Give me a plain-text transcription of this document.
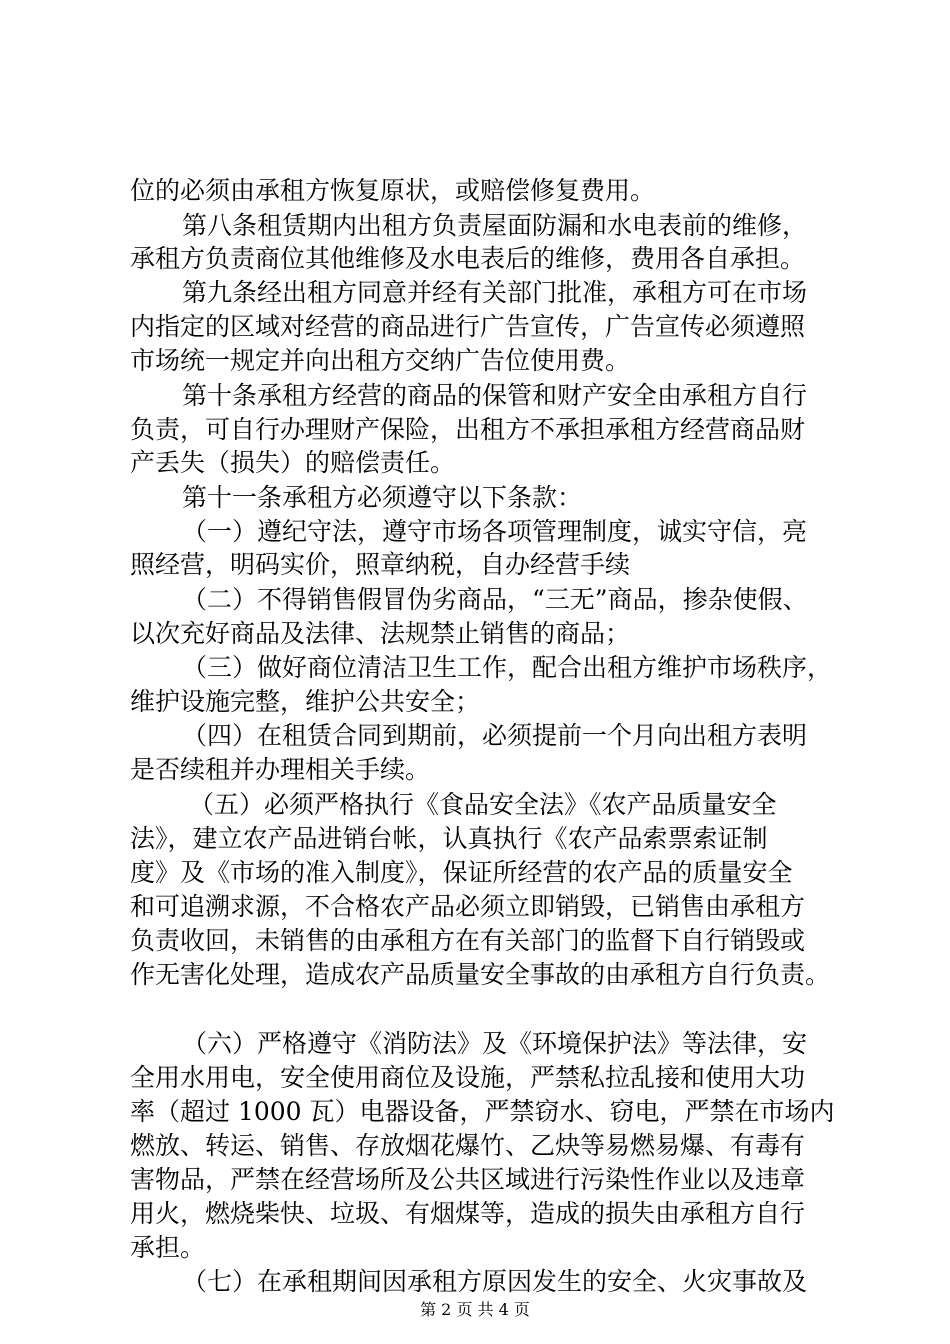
位的必须由承租方恢复原状，或赔偿修复费用。
第八条租赁期内出租方负责屋面防漏和水电表前的维修，
承租方负责商位其他维修及水电表后的维修，费用各自承担。
第九条经出租方同意并经有关部门批准，承租方可在市场
内指定的区域对经营的商品进行广告宣传，广告宣传必须遵照
市场统一规定并向出租方交纳广告位使用费。
第十条承租方经营的商品的保管和财产安全由承租方自行
负责，可自行办理财产保险，出租方不承担承租方经营商品财
产丢失（损失）的赔偿责任。
第十一条承租方必须遵守以下条款：
（一）遵纪守法，遵守市场各项管理制度，诚实守信，亮
照经营，明码实价，照章纳税，自办经营手续
（二）不得销售假冒伪劣商品，“三无”商品，掺杂使假、
以次充好商品及法律、法规禁止销售的商品；
（三）做好商位清洁卫生工作，配合出租方维护市场秩序，
维护设施完整，维护公共安全；
（四）在租赁合同到期前，必须提前一个月向出租方表明
是否续租并办理相关手续。
（五）必须严格执行《食品安全法》《农产品质量安全
法》，建立农产品进销台帐，认真执行《农产品索票索证制
度》及《市场的准入制度》，保证所经营的农产品的质量安全
和可追溯求源，不合格农产品必须立即销毁，已销售由承租方
负责收回，未销售的由承租方在有关部门的监督下自行销毁或
作无害化处理，造成农产品质量安全事故的由承租方自行负责。
（六）严格遵守《消防法》及《环境保护法》等法律，安
全用水用电，安全使用商位及设施，严禁私拉乱接和使用大功
率（超过 1000 瓦）电器设备，严禁窃水、窃电，严禁在市场内
燃放、转运、销售、存放烟花爆竹、乙炔等易燃易爆、有毒有
害物品，严禁在经营场所及公共区域进行污染性作业以及违章
用火，燃烧柴快、垃圾、有烟煤等，造成的损失由承租方自行
承担。
（七）在承租期间因承租方原因发生的安全、火灾事故及
第 2 页 共 4 页
